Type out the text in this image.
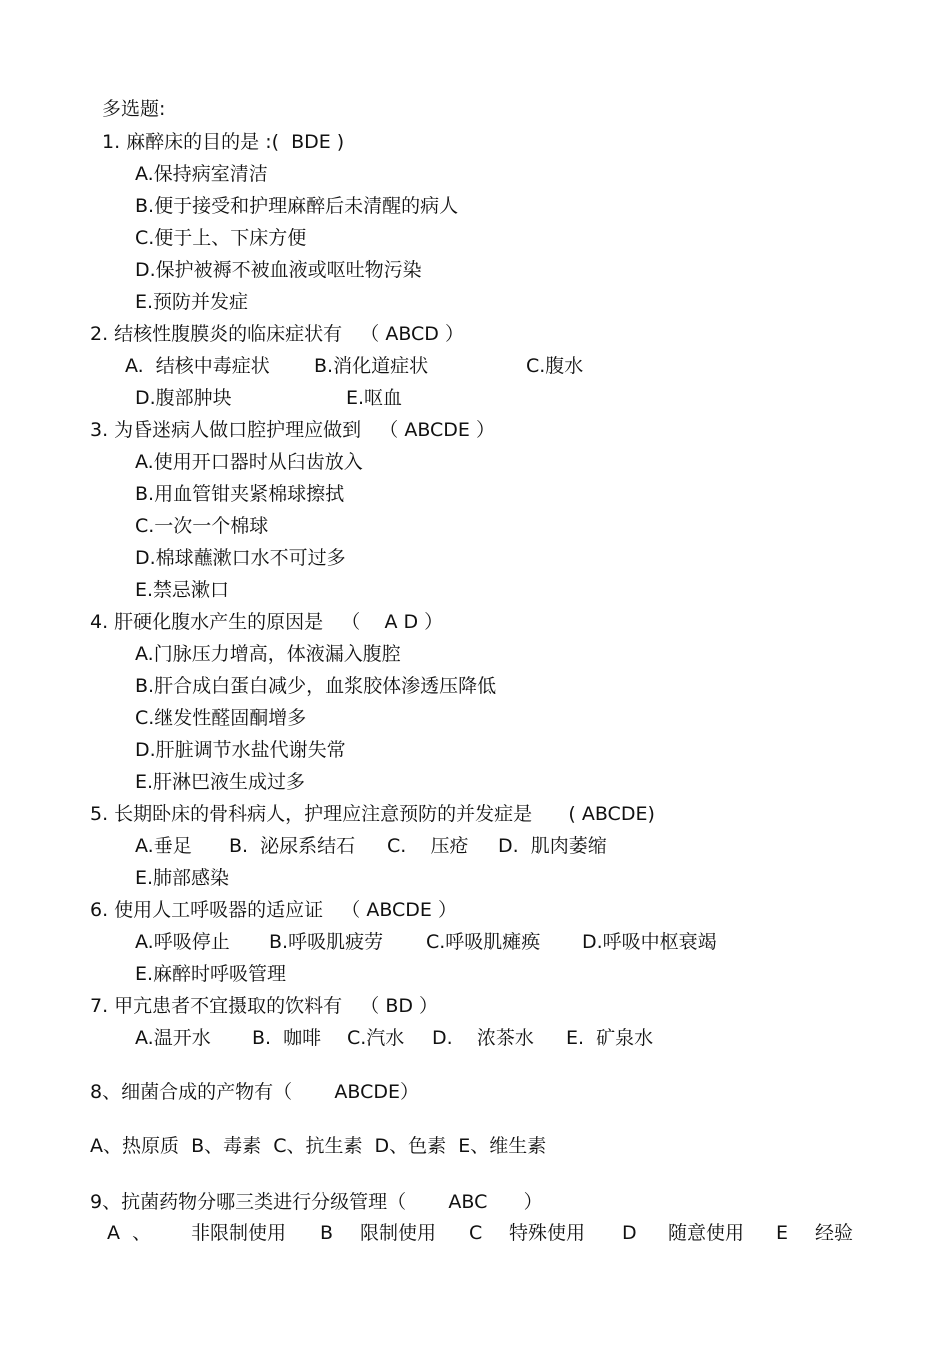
多选题:
1. 麻醉床的目的是 :(  BDE )
A.保持病室清洁
B.便于接受和护理麻醉后未清醒的病人
C.便于上、下床方便
D.保护被褥不被血液或呕吐物污染
E.预防并发症
2. 结核性腹膜炎的临床症状有   （ ABCD ）
A.  结核中毒症状 B.消化道症状	C.腹水
D.腹部肿块	E.呕血
3. 为昏迷病人做口腔护理应做到   （ ABCDE ）
A.使用开口器时从臼齿放入
B.用血管钳夹紧棉球擦拭
C.一次一个棉球
D.棉球蘸漱口水不可过多
E.禁忌漱口
4. 肝硬化腹水产生的原因是   （    A D ）
A.门脉压力增高，体液漏入腹腔
B.肝合成白蛋白减少，血浆胶体渗透压降低
C.继发性醛固酮增多
D.肝脏调节水盐代谢失常
E.肝淋巴液生成过多
5. 长期卧床的骨科病人，护理应注意预防的并发症是      ( ABCDE)
A.垂足 B.  泌尿系结石 C.    压疮 D.  肌肉萎缩
E.肺部感染
6. 使用人工呼吸器的适应证   （ ABCDE ）
A.呼吸停止 B.呼吸肌疲劳 C.呼吸肌瘫痪 D.呼吸中枢衰竭
E.麻醉时呼吸管理
7. 甲亢患者不宜摄取的饮料有   （ BD ）
A.温开水 B.  咖啡 C.汽水 D.    浓茶水 E.  矿泉水
8、细菌合成的产物有（       ABCDE）
A、热原质  B、毒素  C、抗生素  D、色素  E、维生素
9、抗菌药物分哪三类进行分级管理（       ABC      ）
A  、 非限制使用 B 限制使用 C 特殊使用 D 随意使用 E 经验
